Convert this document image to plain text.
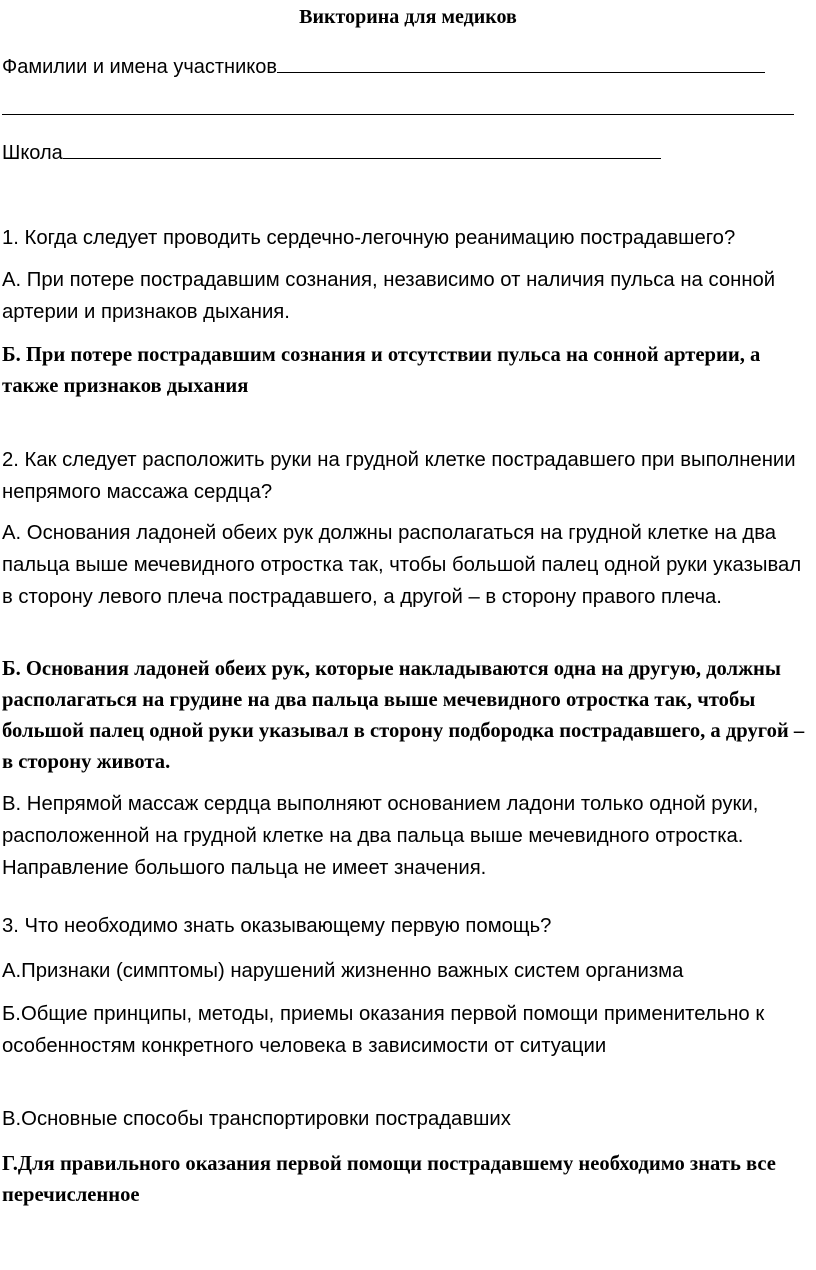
Викторина для медиков
Фамилии и имена участников
Школа

1. Когда следует проводить сердечно-легочную реанимацию пострадавшего?

А. При потере пострадавшим сознания, независимо от наличия пульса на сонной артерии и признаков дыхания.

Б. При потере пострадавшим сознания и отсутствии пульса на сонной артерии, а также признаков дыхания

2. Как следует расположить руки на грудной клетке пострадавшего при выполнении непрямого массажа сердца?

А. Основания ладоней обеих рук должны располагаться на грудной клетке на два пальца выше мечевидного отростка так, чтобы большой палец одной руки указывал в сторону левого плеча пострадавшего, а другой – в сторону правого плеча.

Б. Основания ладоней обеих рук, которые накладываются одна на другую, должны располагаться на грудине на два пальца выше мечевидного отростка так, чтобы большой палец одной руки указывал в сторону подбородка пострадавшего, а другой – в сторону живота.

В. Непрямой массаж сердца выполняют основанием ладони только одной руки, расположенной на грудной клетке на два пальца выше мечевидного отростка. Направление большого пальца не имеет значения.

3. Что необходимо знать оказывающему первую помощь?

А.Признаки (симптомы) нарушений жизненно важных систем организма

Б.Общие принципы, методы, приемы оказания первой помощи применительно к особенностям конкретного человека в зависимости от ситуации

В.Основные способы транспортировки пострадавших

Г.Для правильного оказания первой помощи пострадавшему необходимо знать все перечисленное
